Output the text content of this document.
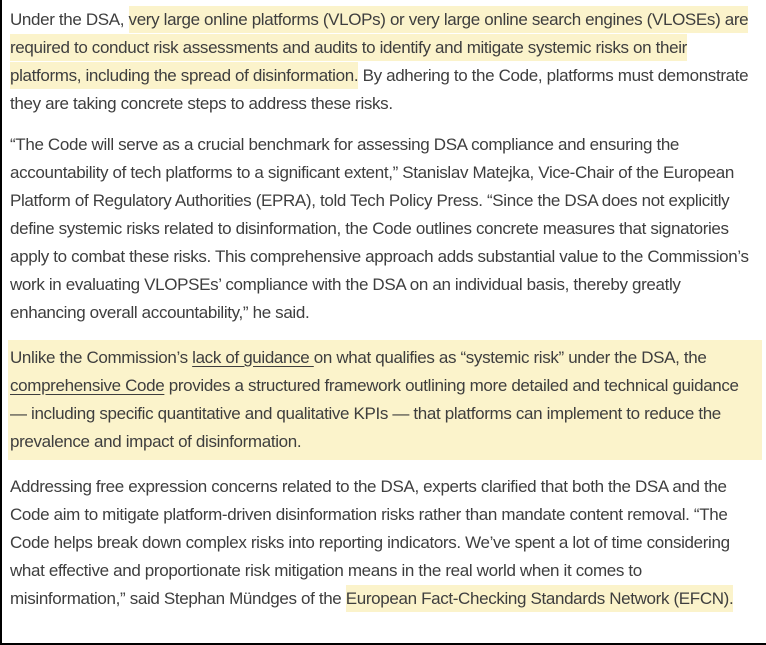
Under the DSA, very large online platforms (VLOPs) or very large online search engines (VLOSEs) are required to conduct risk assessments and audits to identify and mitigate systemic risks on their platforms, including the spread of disinformation. By adhering to the Code, platforms must demonstrate they are taking concrete steps to address these risks.

“The Code will serve as a crucial benchmark for assessing DSA compliance and ensuring the accountability of tech platforms to a significant extent,” Stanislav Matejka, Vice-Chair of the European Platform of Regulatory Authorities (EPRA), told Tech Policy Press. “Since the DSA does not explicitly define systemic risks related to disinformation, the Code outlines concrete measures that signatories apply to combat these risks. This comprehensive approach adds substantial value to the Commission’s work in evaluating VLOPSEs’ compliance with the DSA on an individual basis, thereby greatly enhancing overall accountability,” he said.

Unlike the Commission’s lack of guidance on what qualifies as “systemic risk” under the DSA, the comprehensive Code provides a structured framework outlining more detailed and technical guidance — including specific quantitative and qualitative KPIs — that platforms can implement to reduce the prevalence and impact of disinformation.

Addressing free expression concerns related to the DSA, experts clarified that both the DSA and the Code aim to mitigate platform-driven disinformation risks rather than mandate content removal. “The Code helps break down complex risks into reporting indicators. We’ve spent a lot of time considering what effective and proportionate risk mitigation means in the real world when it comes to misinformation,” said Stephan Mündges of the European Fact-Checking Standards Network (EFCN).
